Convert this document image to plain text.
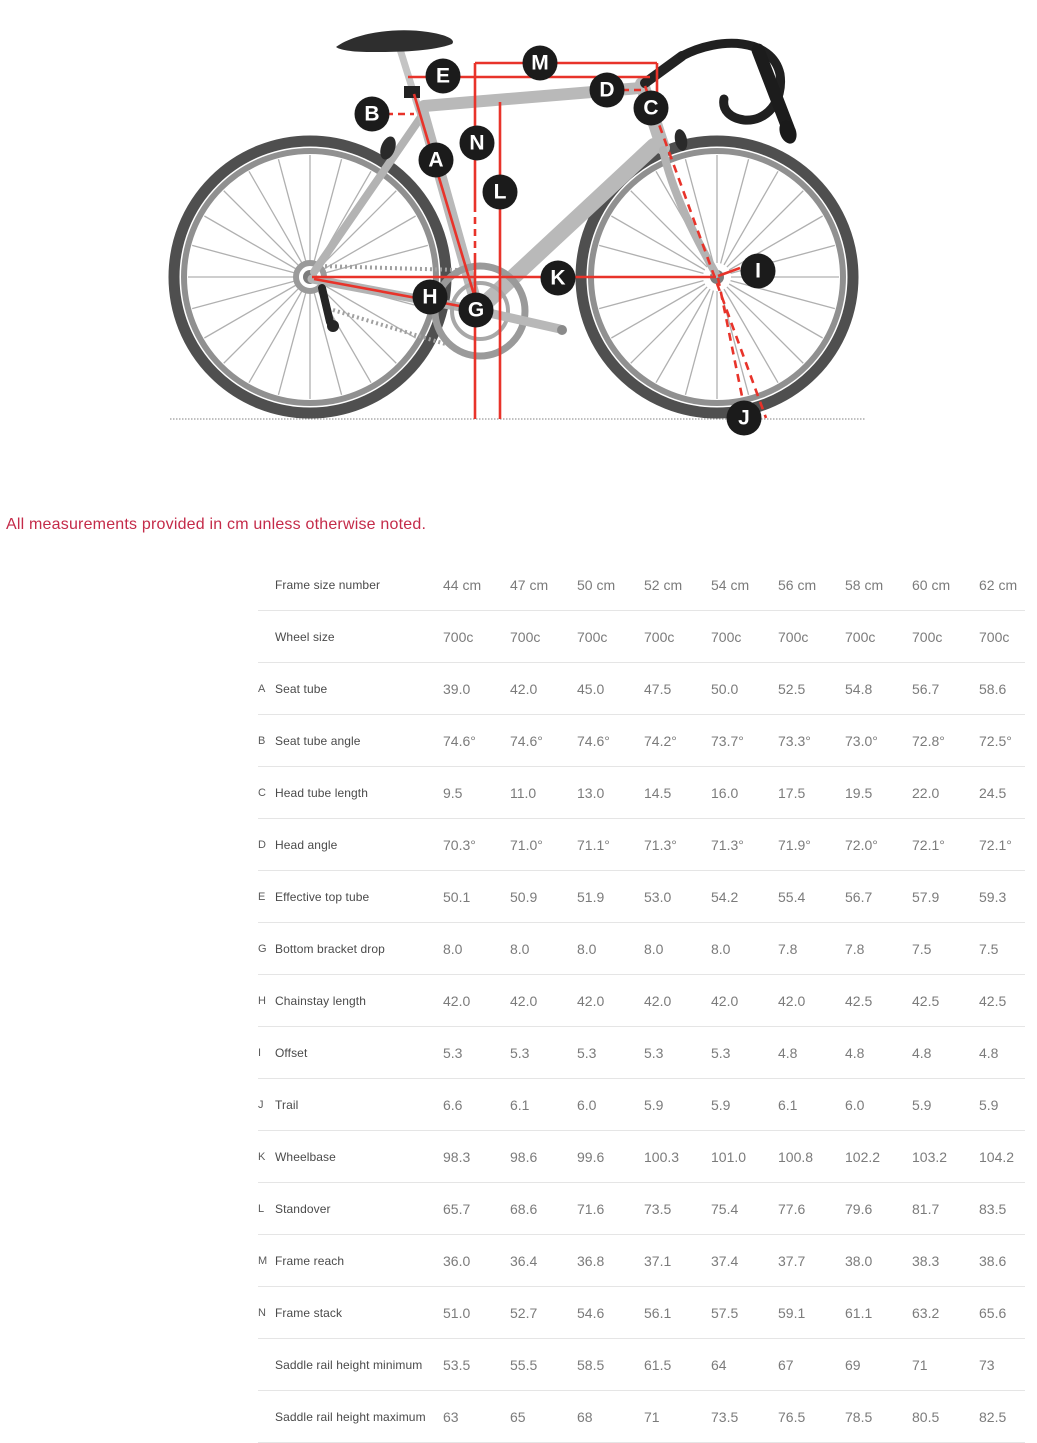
E
M
D
C
B
N
A
L
K	I
H
G
J

All measurements provided in cm unless otherwise noted.

Frame size number	44 cm	47 cm	50 cm	52 cm	54 cm	56 cm	58 cm	60 cm	62 cm
Wheel size	700c	700c	700c	700c	700c	700c	700c	700c	700c
A Seat tube	39.0	42.0	45.0	47.5	50.0	52.5	54.8	56.7	58.6
B Seat tube angle	74.6°	74.6°	74.6°	74.2°	73.7°	73.3°	73.0°	72.8°	72.5°
C Head tube length	9.5	11.0	13.0	14.5	16.0	17.5	19.5	22.0	24.5
D Head angle	70.3°	71.0°	71.1°	71.3°	71.3°	71.9°	72.0°	72.1°	72.1°
E Effective top tube	50.1	50.9	51.9	53.0	54.2	55.4	56.7	57.9	59.3
G Bottom bracket drop	8.0	8.0	8.0	8.0	8.0	7.8	7.8	7.5	7.5
H Chainstay length	42.0	42.0	42.0	42.0	42.0	42.0	42.5	42.5	42.5
I	Offset	5.3	5.3	5.3	5.3	5.3	4.8	4.8	4.8	4.8
J Trail	6.6	6.1	6.0	5.9	5.9	6.1	6.0	5.9	5.9
K Wheelbase	98.3	98.6	99.6	100.3	101.0	100.8	102.2	103.2	104.2
L Standover	65.7	68.6	71.6	73.5	75.4	77.6	79.6	81.7	83.5
M Frame reach	36.0	36.4	36.8	37.1	37.4	37.7	38.0	38.3	38.6
N Frame stack	51.0	52.7	54.6	56.1	57.5	59.1	61.1	63.2	65.6
Saddle rail height minimum	53.5	55.5	58.5	61.5	64	67	69	71	73
Saddle rail height maximum	63	65	68	71	73.5	76.5	78.5	80.5	82.5
